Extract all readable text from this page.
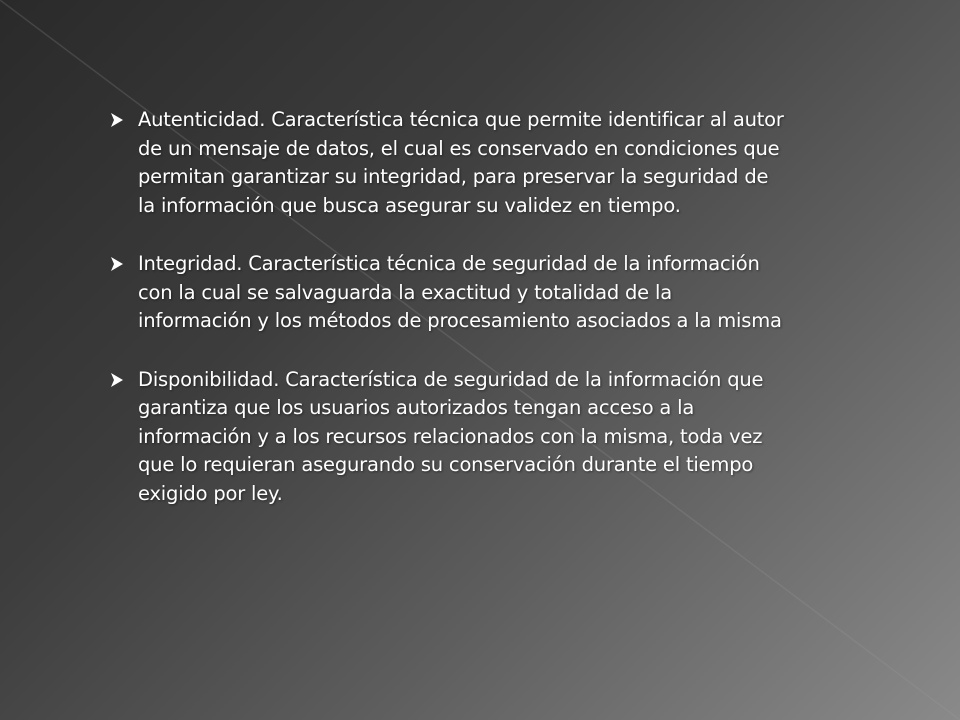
Autenticidad. Característica técnica que permite identificar al autor de un mensaje de datos, el cual es conservado en condiciones que permitan garantizar su integridad, para preservar la seguridad de la información que busca asegurar su validez en tiempo.

Integridad. Característica técnica de seguridad de la información con la cual se salvaguarda la exactitud y totalidad de la información y los métodos de procesamiento asociados a la misma

Disponibilidad. Característica de seguridad de la información que garantiza que los usuarios autorizados tengan acceso a la información y a los recursos relacionados con la misma, toda vez que lo requieran asegurando su conservación durante el tiempo exigido por ley.
